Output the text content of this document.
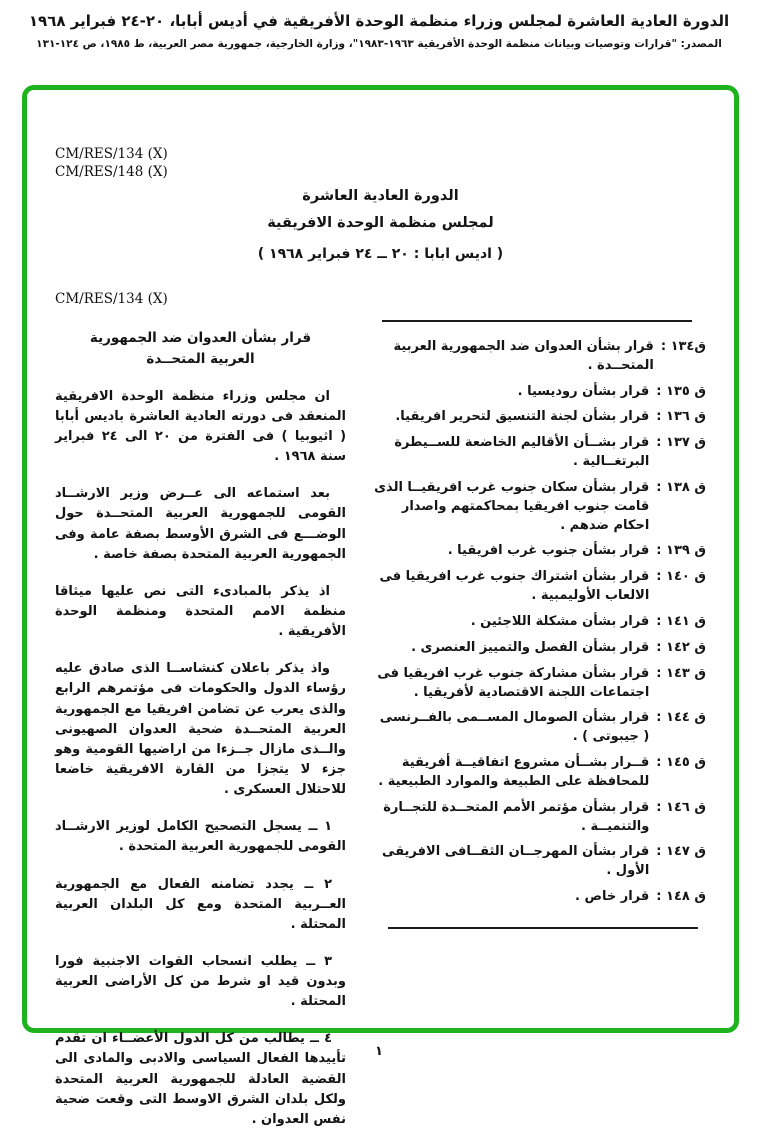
الدورة العادية العاشرة لمجلس وزراء منظمة الوحدة الأفريقية في أديس أبابا، ٢٠-٢٤ فبراير ١٩٦٨
المصدر: "قرارات وتوصيات وبيانات منظمة الوحدة الأفريقية ١٩٦٣-١٩٨٣"، وزارة الخارجية، جمهورية مصر العربية، ط ١٩٨٥، ص ١٢٤-١٣١
CM/RES/134 (X)
CM/RES/148 (X)
الدورة العادية العاشرة
لمجلس منظمة الوحدة الافريقية
( اديس ابابا : ٢٠ ــ ٢٤ فبراير ١٩٦٨ )
CM/RES/134 (X)
ق١٣٤ :
قرار بشأن العدوان ضد الجمهورية العربية المتحــدة .
ق ١٣٥ :
قرار بشأن روديسيا .
ق ١٣٦ :
قرار بشأن لجنة التنسيق لتحرير افريقيا.
ق ١٣٧ :
قرار بشــأن الأقاليم الخاضعة للســيطرة البرتغــالية .
ق ١٣٨ :
قرار بشأن سكان جنوب غرب افريقيــا الذى قامت جنوب افريقيا بمحاكمتهم واصدار احكام ضدهم .
ق ١٣٩ :
قرار بشأن جنوب غرب افريقيا .
ق ١٤٠ :
قرار بشأن اشتراك جنوب غرب افريقيا فى الالعاب الأوليمبية .
ق ١٤١ :
قرار بشأن مشكلة اللاجئين .
ق ١٤٢ :
قرار بشأن الفصل والتمييز العنصرى .
ق ١٤٣ :
قرار بشأن مشاركة جنوب غرب افريقيا فى اجتماعات اللجنة الاقتصادية لأفريقيا .
ق ١٤٤ :
قرار بشأن الصومال المســمى بالفــرنسى ( جيبوتى ) .
ق ١٤٥ :
قــرار بشــأن مشروع اتفاقيــة أفريقية للمحافظة على الطبيعة والموارد الطبيعية .
ق ١٤٦ :
قرار بشأن مؤتمر الأمم المتحــدة للتجــارة والتنميــة .
ق ١٤٧ :
قرار بشأن المهرجــان الثقــافى الافريقى الأول .
ق ١٤٨ :
قرار خاص .
قرار بشأن العدوان ضد الجمهورية
العربية المتحــدة

ان مجلس وزراء منظمة الوحدة الافريقية المنعقد فى دورته العادية العاشرة باديس أبابا ( اثيوبيا ) فى الفترة من ٢٠ الى ٢٤ فبراير سنة ١٩٦٨ .

بعد استماعه الى عــرض وزير الارشــاد القومى للجمهورية العربية المتحــدة حول الوضـــع فى الشرق الأوسط بصفة عامة وفى الجمهورية العربية المتحدة بصفة خاصة .

اذ يذكر بالمبادىء التى نص عليها ميثاقا منظمة الامم المتحدة ومنظمة الوحدة الأفريقية .

واذ يذكر باعلان كنشاســا الذى صادق عليه رؤساء الدول والحكومات فى مؤتمرهم الرابع والذى يعرب عن تضامن افريقيا مع الجمهورية العربية المتحــدة ضحية العدوان الصهيونى والــذى مازال جــزءا من اراضيها القومية وهو جزء لا يتجزا من القارة الافريقية خاضعا للاحتلال العسكرى .

١ ــ يسجل التصحيح الكامل لوزير الارشــاد القومى للجمهورية العربية المتحدة .

٢ ــ يجدد تضامنه الفعال مع الجمهورية العــربية المتحدة ومع كل البلدان العربية المحتلة .

٣ ــ يطلب انسحاب القوات الاجنبية فورا وبدون قيد او شرط من كل الأراضى العربية المحتلة .

٤ ــ يطالب من كل الدول الأعضــاء ان تقدم تأييدها الفعال السياسى والادبى والمادى الى القضية العادلة للجمهورية العربية المتحدة ولكل بلدان الشرق الاوسط التى وقعت ضحية نفس العدوان .

١
